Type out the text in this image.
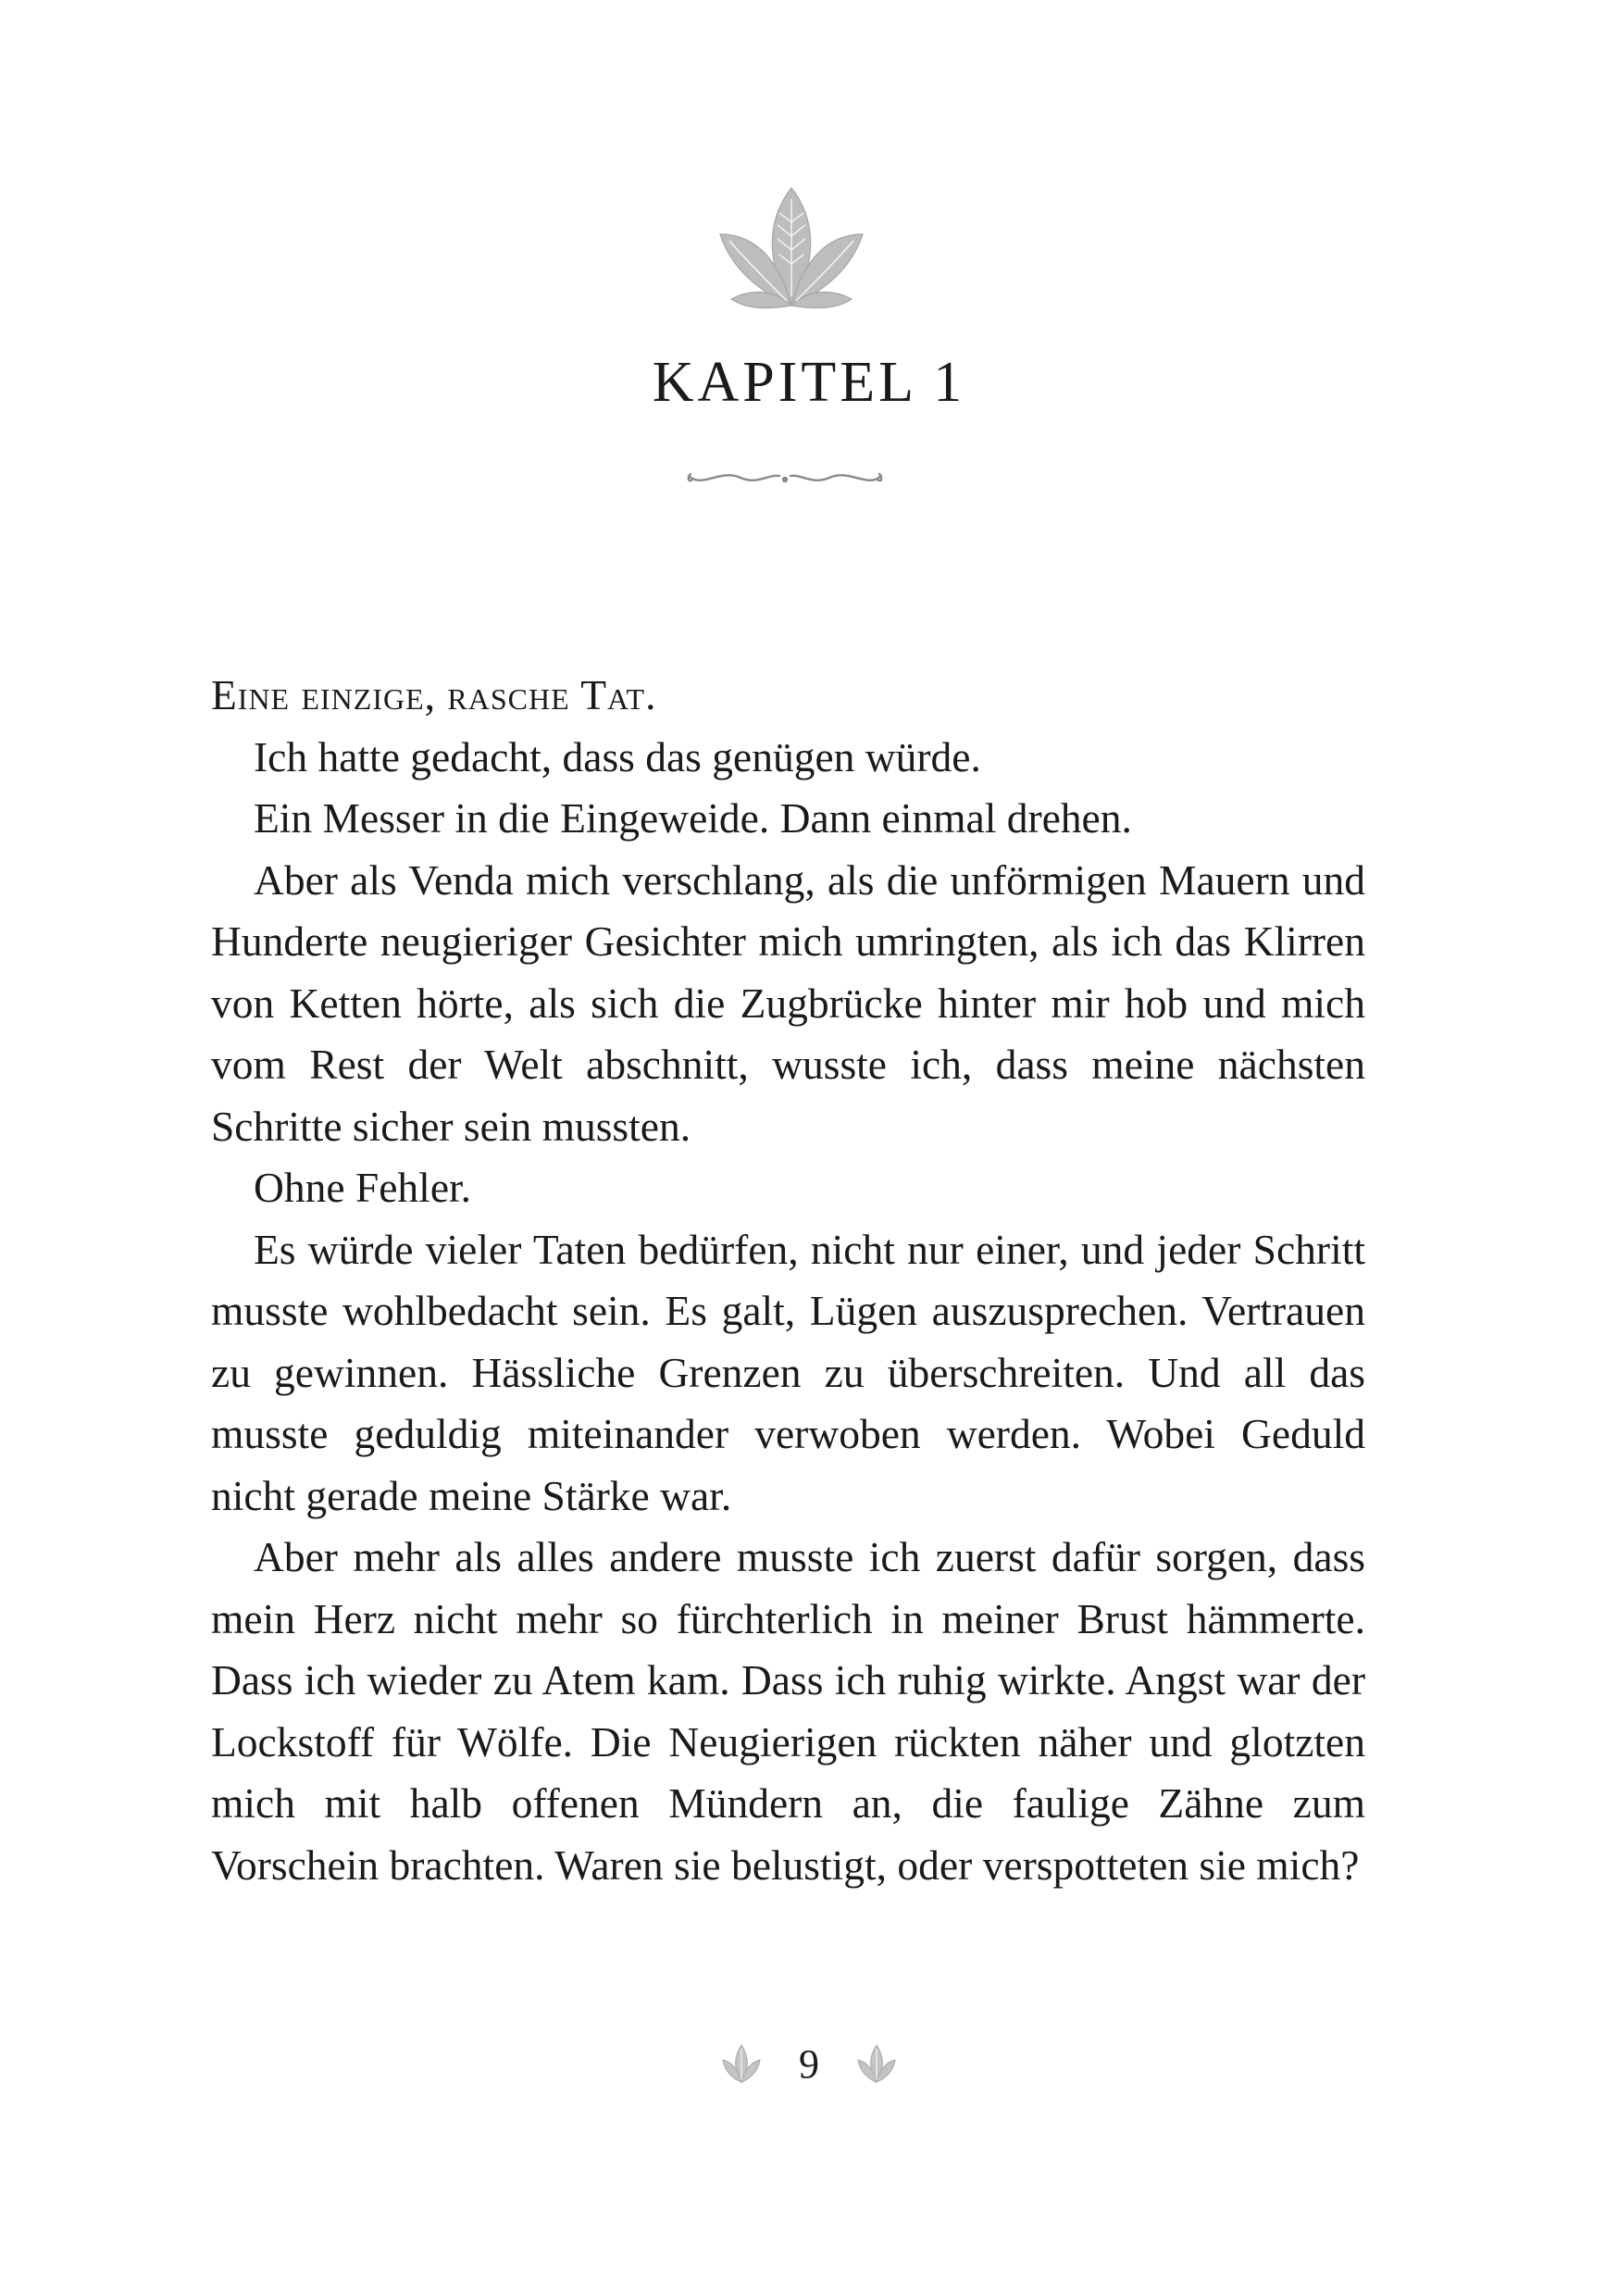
KAPITEL 1

Eine einzige, rasche Tat.

Ich hatte gedacht, dass das genügen würde.

Ein Messer in die Eingeweide. Dann einmal drehen.

Aber als Venda mich verschlang, als die unförmigen Mauern und Hunderte neugieriger Gesichter mich umringten, als ich das Klirren von Ketten hörte, als sich die Zugbrücke hinter mir hob und mich vom Rest der Welt abschnitt, wusste ich, dass meine nächsten Schritte sicher sein mussten.

Ohne Fehler.

Es würde vieler Taten bedürfen, nicht nur einer, und jeder Schritt musste wohlbedacht sein. Es galt, Lügen auszusprechen. Vertrauen zu gewinnen. Hässliche Grenzen zu überschreiten. Und all das musste geduldig miteinander verwoben werden. Wobei Geduld nicht gerade meine Stärke war.

Aber mehr als alles andere musste ich zuerst dafür sorgen, dass mein Herz nicht mehr so fürchterlich in meiner Brust hämmerte. Dass ich wieder zu Atem kam. Dass ich ruhig wirkte. Angst war der Lockstoff für Wölfe. Die Neugierigen rückten näher und glotzten mich mit halb offenen Mündern an, die faulige Zähne zum Vorschein brachten. Waren sie belustigt, oder verspotteten sie mich?

9
